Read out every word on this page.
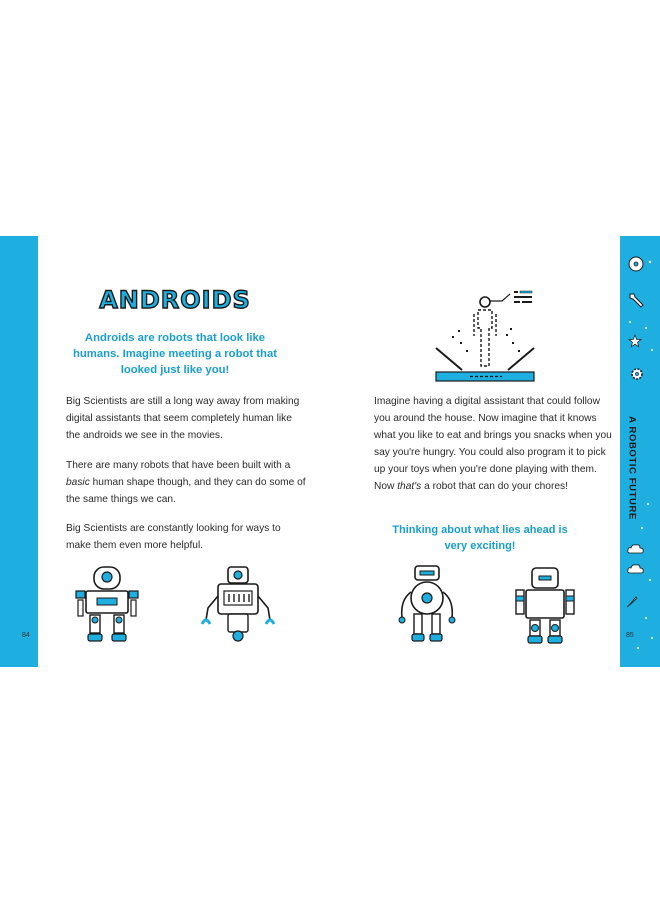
A ROBOTIC FUTURE
84	85
ANDROIDS
Androids are robots that look like humans. Imagine meeting a robot that looked just like you!
Big Scientists are still a long way away from making digital assistants that seem completely human like the androids we see in the movies.
There are many robots that have been built with a basic human shape though, and they can do some of the same things we can.
Big Scientists are constantly looking for ways to make them even more helpful.
Imagine having a digital assistant that could follow you around the house. Now imagine that it knows what you like to eat and brings you snacks when you say you're hungry. You could also program it to pick up your toys when you're done playing with them. Now that's a robot that can do your chores!
Thinking about what lies ahead is very exciting!
